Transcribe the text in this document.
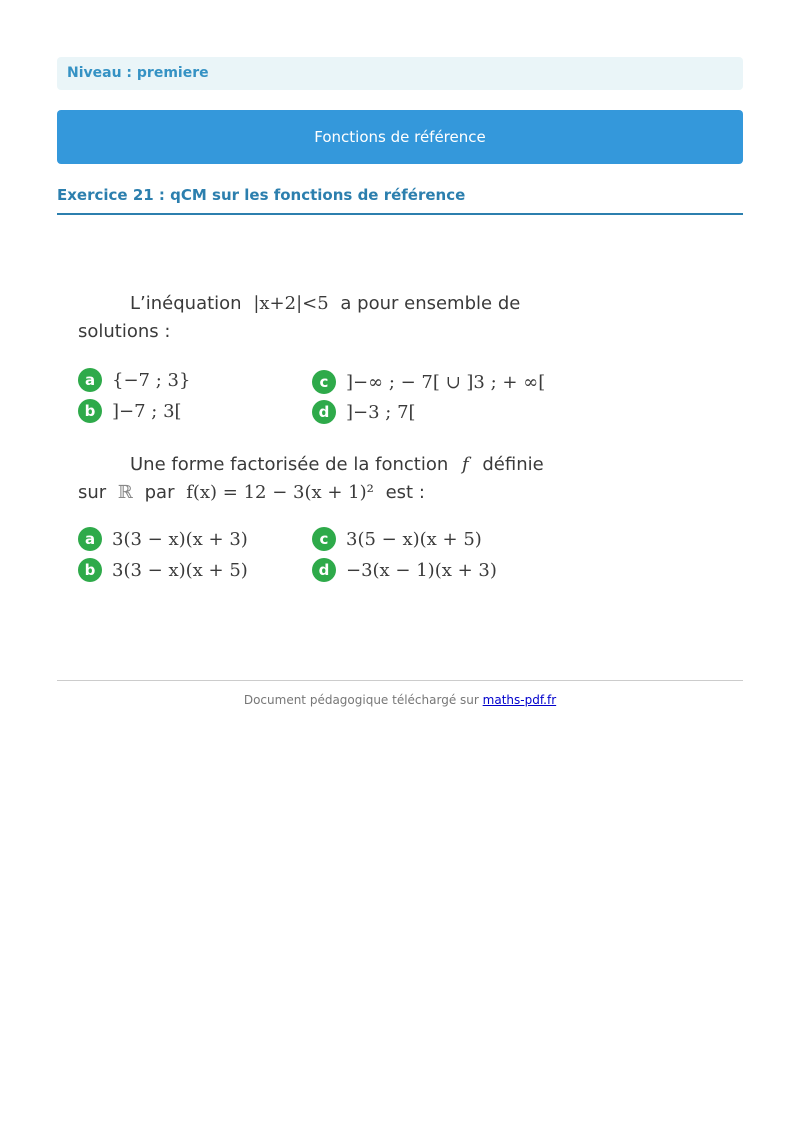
Niveau : premiere
Fonctions de référence
Exercice 21 : qCM sur les fonctions de référence
L’inéquation |x+2|<5 a pour ensemble de
solutions :
a {−7 ; 3}
b ]−7 ; 3[
c ]−∞ ; − 7[ ∪ ]3 ; + ∞[
d ]−3 ; 7[
Une forme factorisée de la fonction f définie
sur ℝ par f(x) = 12 − 3(x + 1)² est :
a 3(3 − x)(x + 3)
b 3(3 − x)(x + 5)
c 3(5 − x)(x + 5)
d −3(x − 1)(x + 3)
Document pédagogique téléchargé sur maths-pdf.fr
